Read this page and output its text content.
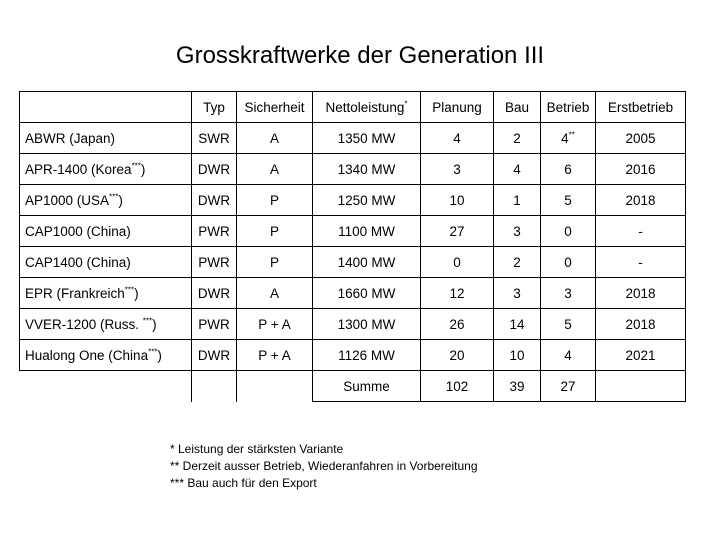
Grosskraftwerke der Generation III
	Typ	Sicherheit	Nettoleistung*	Planung	Bau	Betrieb	Erstbetrieb
ABWR (Japan)	SWR	A	1350 MW	4	2	4**	2005
APR-1400 (Korea***)	DWR	A	1340 MW	3	4	6	2016
AP1000 (USA***)	DWR	P	1250 MW	10	1	5	2018
CAP1000 (China)	PWR	P	1100 MW	27	3	0	-
CAP1400 (China)	PWR	P	1400 MW	0	2	0	-
EPR (Frankreich***)	DWR	A	1660 MW	12	3	3	2018
VVER-1200 (Russ. ***)	PWR	P + A	1300 MW	26	14	5	2018
Hualong One (China***)	DWR	P + A	1126 MW	20	10	4	2021
			Summe	102	39	27	
* Leistung der stärksten Variante
** Derzeit ausser Betrieb, Wiederanfahren in Vorbereitung
*** Bau auch für den Export
